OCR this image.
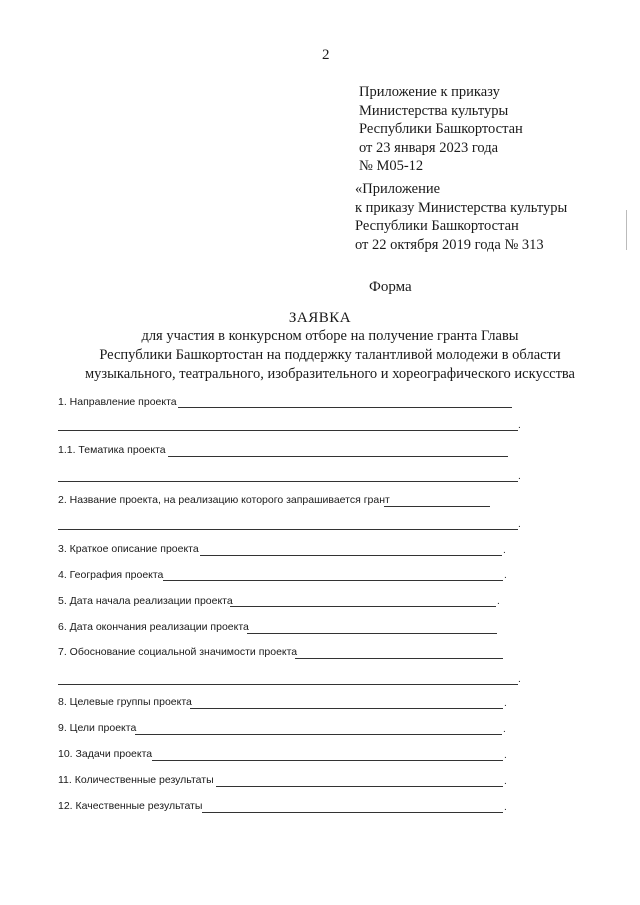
2
Приложение к приказу
Министерства культуры
Республики Башкортостан
от 23 января 2023 года
№ М05-12
«Приложение
к приказу Министерства культуры
Республики Башкортостан
от 22 октября 2019 года № 313
Форма
ЗАЯВКА
для участия в конкурсном отборе на получение гранта Главы
Республики Башкортостан на поддержку талантливой молодежи в области
музыкального, театрального, изобразительного и хореографического искусства
1. Направление проекта
.
1.1. Тематика проекта
.
2. Название проекта, на реализацию которого запрашивается грант
.
3. Краткое описание проекта	.
4. География проекта	.
5. Дата начала реализации проекта	.
6. Дата окончания реализации проекта
7. Обоснование социальной значимости проекта
.
8. Целевые группы проекта	.
9. Цели проекта	.
10. Задачи проекта	.
11. Количественные результаты	.
12. Качественные результаты	.
